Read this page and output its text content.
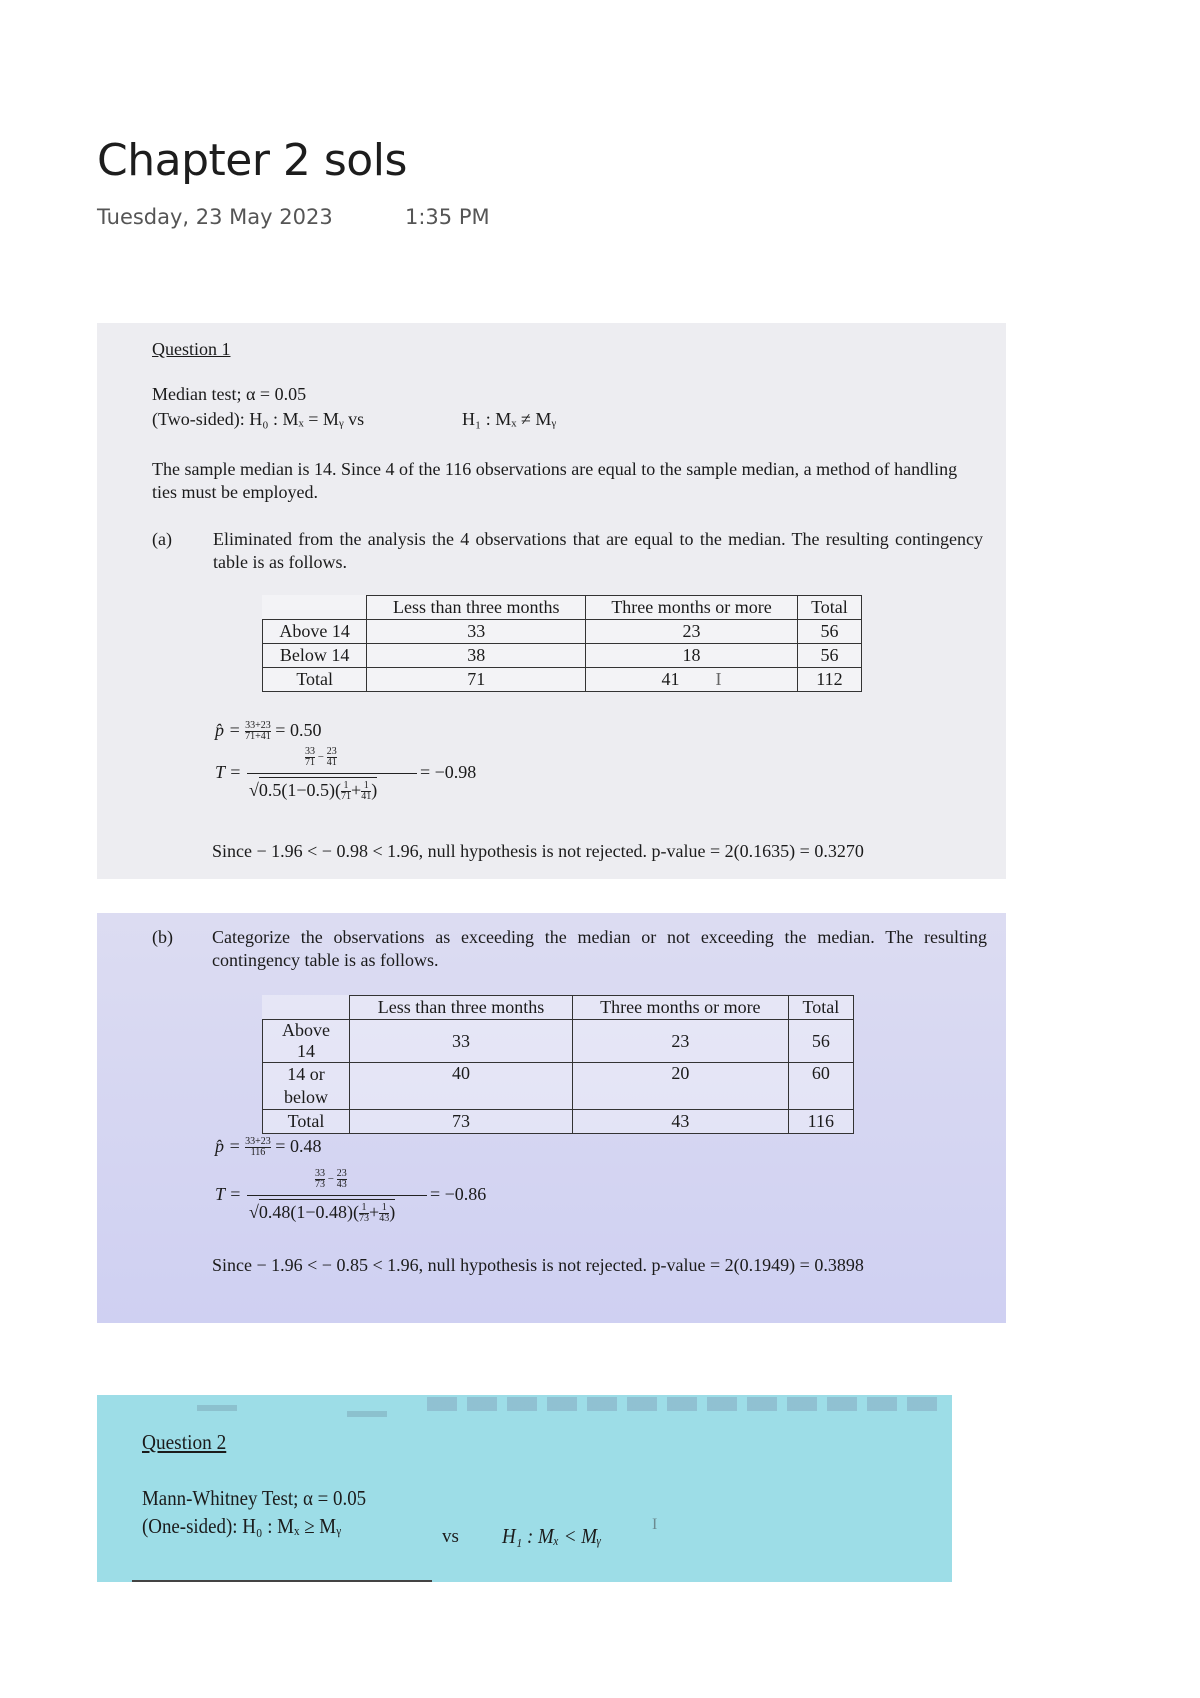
Chapter 2 sols
Tuesday, 23 May 2023	1:35 PM
Question 1
Median test; α = 0.05
(Two-sided): H₀ : Mₓ = Mᵧ vs	H₁ : Mₓ ≠ Mᵧ
The sample median is 14. Since 4 of the 116 observations are equal to the sample median, a method of handling ties must be employed.
(a) Eliminated from the analysis the 4 observations that are equal to the median. The resulting contingency table is as follows.
	Less than three months	Three months or more	Total
Above 14	33	23	56
Below 14	38	18	56
Total	71	41 I	112
p̂ = $\frac{33+23}{71+41} = 0.50$
T =
$\frac{33}{71} - \frac{23}{41}$
$√0.5(1-0.5)( \frac{1}{71} + \frac{1}{41}$ )
= −0.98
Since − 1.96 < − 0.98 < 1.96, null hypothesis is not rejected. p-value = 2(0.1635) = 0.3270
(b) Categorize the observations as exceeding the median or not exceeding the median. The resulting contingency table is as follows.
	Less than three months	Three months or more	Total
Above 14	33	23	56
14 or below	40	20	60
Total	73	43	116
p̂ = $\frac{33+23}{116} = 0.48$
T =
$\frac{33}{73} - \frac{23}{43}$
$√0.48(1-0.48)( \frac{1}{73} + \frac{1}{43}$ )
= −0.86
Since − 1.96 < − 0.85 < 1.96, null hypothesis is not rejected. p-value = 2(0.1949) = 0.3898
Question 2
Mann-Whitney Test; α = 0.05
(One-sided): H₀ : Mₓ ≥ Mᵧ	vs H₁ : Mₓ < Mᵧ	I
